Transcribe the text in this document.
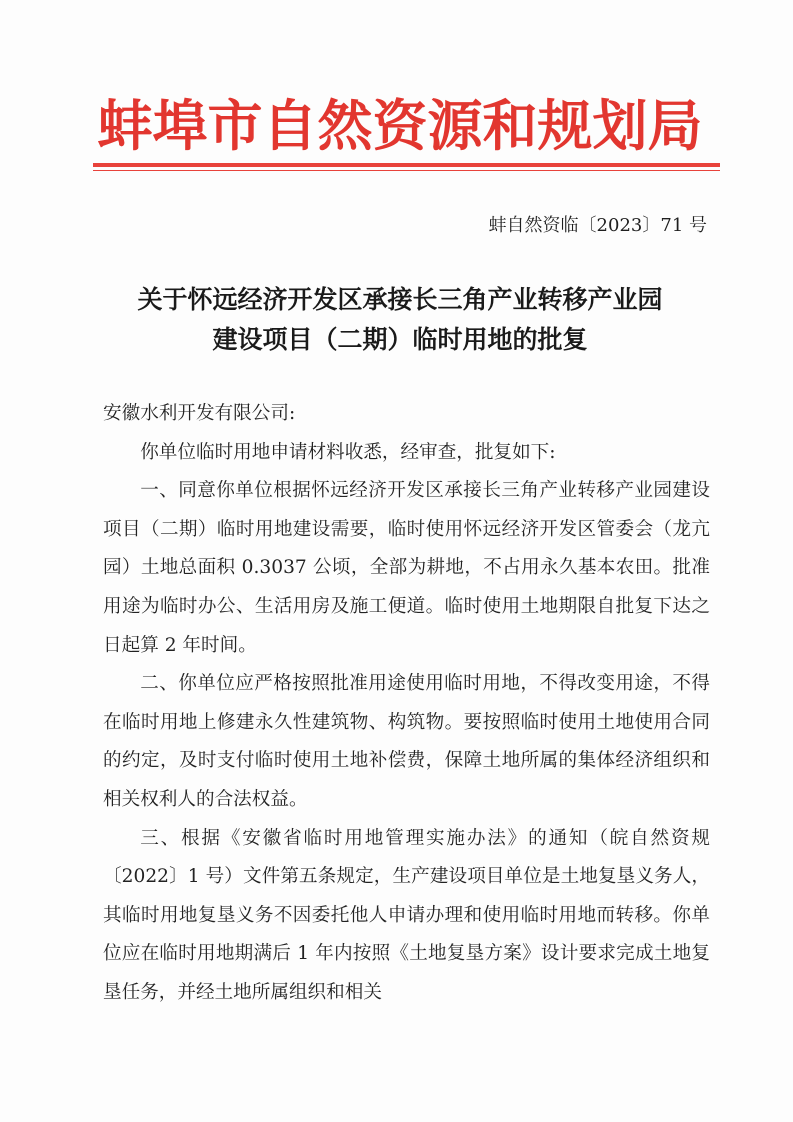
蚌埠市自然资源和规划局
蚌自然资临〔2023〕71 号
关于怀远经济开发区承接长三角产业转移产业园
建设项目（二期）临时用地的批复

安徽水利开发有限公司:

你单位临时用地申请材料收悉，经审查，批复如下:

一、同意你单位根据怀远经济开发区承接长三角产业转移产业园建设项目（二期）临时用地建设需要，临时使用怀远经济开发区管委会（龙亢园）土地总面积 0.3037 公顷，全部为耕地，不占用永久基本农田。批准用途为临时办公、生活用房及施工便道。临时使用土地期限自批复下达之日起算 2 年时间。

二、你单位应严格按照批准用途使用临时用地，不得改变用途，不得在临时用地上修建永久性建筑物、构筑物。要按照临时使用土地使用合同的约定，及时支付临时使用土地补偿费，保障土地所属的集体经济组织和相关权利人的合法权益。

三、根据《安徽省临时用地管理实施办法》的通知（皖自然资规〔2022〕1 号）文件第五条规定，生产建设项目单位是土地复垦义务人，其临时用地复垦义务不因委托他人申请办理和使用临时用地而转移。你单位应在临时用地期满后 1 年内按照《土地复垦方案》设计要求完成土地复垦任务，并经土地所属组织和相关
